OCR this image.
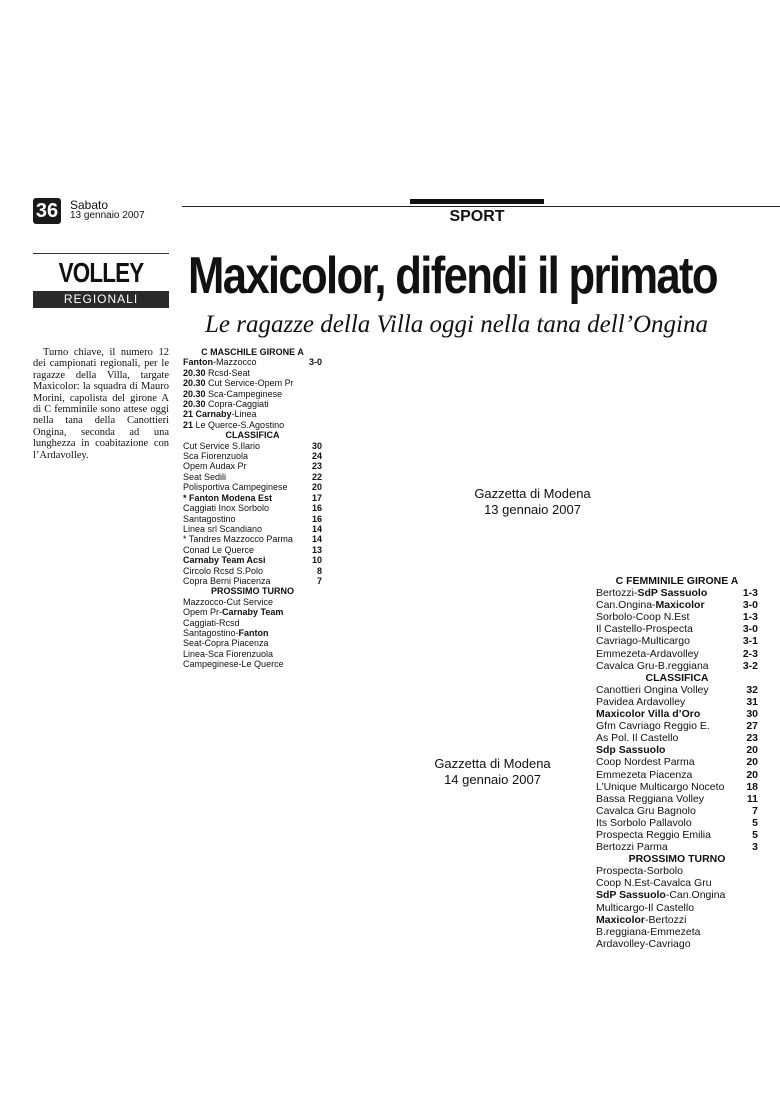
36 Sabato
13 gennaio 2007	SPORT
VOLLEY
REGIONALI Maxicolor, difendi il primato
Le ragazze della Villa oggi nella tana dell’Ongina
Turno chiave, il numero 12 dei campionati regionali, per le ragazze della Villa, targate Maxicolor: la squadra di Mauro Morini, capolista del girone A di C femminile sono attese oggi nella tana della Canottieri Ongina, seconda ad una lunghezza in coabitazione con l’Ardavolley.
C MASCHILE GIRONE A
Fanton-Mazzocco	3-0
20.30 Rcsd-Seat
20.30 Cut Service-Opem Pr
20.30 Sca-Campeginese
20.30 Copra-Caggiati
21 Carnaby-Linea
21 Le Querce-S.Agostino
CLASSIFICA
Cut Service S.Ilario	30
Sca Fiorenzuola	24
Opem Audax Pr	23
Seat Sedili	22
Polisportiva Campeginese	20
* Fanton Modena Est	17
Caggiati Inox Sorbolo	16
Santagostino	16
Linea srl Scandiano	14
* Tandres Mazzocco Parma 14
Conad Le Querce	13
Carnaby Team Acsi	10
Circolo Rcsd S.Polo	8
Copra Berni Piacenza	7
PROSSIMO TURNO
Mazzocco-Cut Service
Opem Pr-Carnaby Team
Caggiati-Rcsd
Santagostino-Fanton
Seat-Copra Piacenza
Linea-Sca Fiorenzuola
Campeginese-Le Querce
C FEMMINILE GIRONE A
Bertozzi-SdP Sassuolo	1-3
Can.Ongina-Maxicolor	3-0
Sorbolo-Coop N.Est	1-3
Il Castello-Prospecta	3-0
Cavriago-Multicargo	3-1
Emmezeta-Ardavolley	2-3
Cavalca Gru-B.reggiana	3-2
CLASSIFICA
Canottieri Ongina Volley	32
Pavidea Ardavolley	31
Maxicolor Villa d’Oro	30
Gfm Cavriago Reggio E.	27
As Pol. Il Castello	23
Sdp Sassuolo	20
Coop Nordest Parma	20
Emmezeta Piacenza	20
L’Unique Multicargo Noceto 18
Bassa Reggiana Volley	11
Cavalca Gru Bagnolo	7
Its Sorbolo Pallavolo	5
Prospecta Reggio Emilia	5
Bertozzi Parma	3
PROSSIMO TURNO
Prospecta-Sorbolo
Coop N.Est-Cavalca Gru
SdP Sassuolo-Can.Ongina
Multicargo-Il Castello
Maxicolor-Bertozzi
B.reggiana-Emmezeta
Ardavolley-Cavriago
Gazzetta di Modena
13 gennaio 2007
Gazzetta di Modena
14 gennaio 2007
